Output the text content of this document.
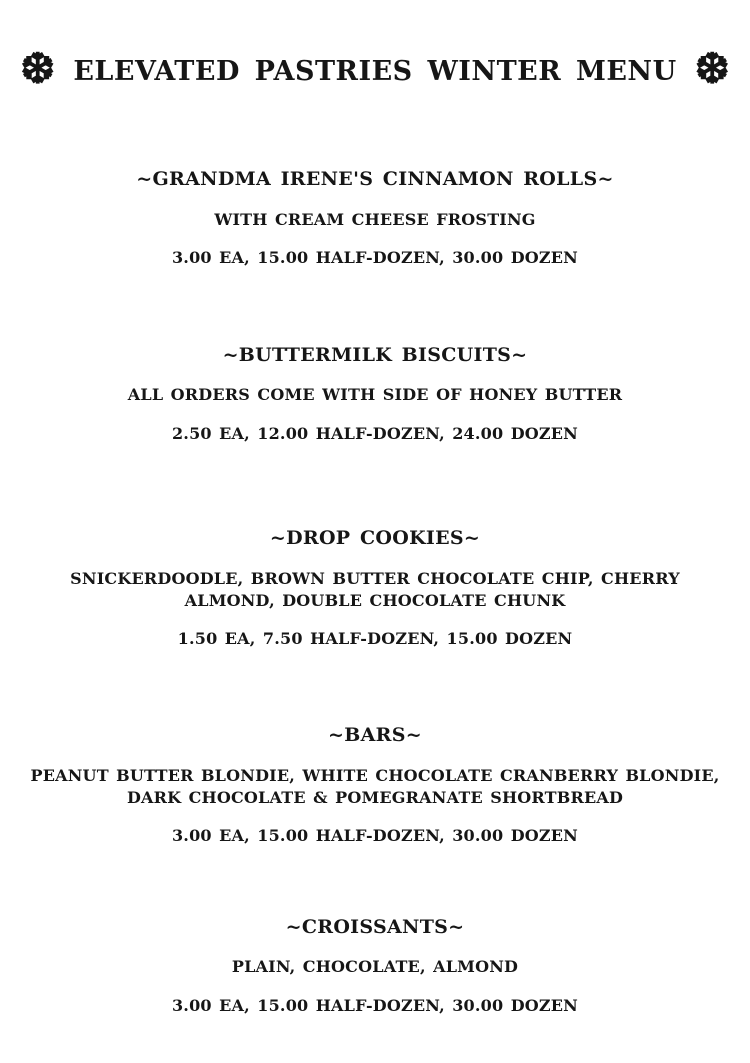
❆ ELEVATED PASTRIES WINTER MENU ❆
~GRANDMA IRENE'S CINNAMON ROLLS~

WITH CREAM CHEESE FROSTING

3.00 EA, 15.00 HALF-DOZEN, 30.00 DOZEN

~BUTTERMILK BISCUITS~

ALL ORDERS COME WITH SIDE OF HONEY BUTTER

2.50 EA, 12.00 HALF-DOZEN, 24.00 DOZEN

~DROP COOKIES~

SNICKERDOODLE, BROWN BUTTER CHOCOLATE CHIP, CHERRY ALMOND, DOUBLE CHOCOLATE CHUNK

1.50 EA, 7.50 HALF-DOZEN, 15.00 DOZEN

~BARS~

PEANUT BUTTER BLONDIE, WHITE CHOCOLATE CRANBERRY BLONDIE, DARK CHOCOLATE & POMEGRANATE SHORTBREAD

3.00 EA, 15.00 HALF-DOZEN, 30.00 DOZEN

~CROISSANTS~

PLAIN, CHOCOLATE, ALMOND

3.00 EA, 15.00 HALF-DOZEN, 30.00 DOZEN
